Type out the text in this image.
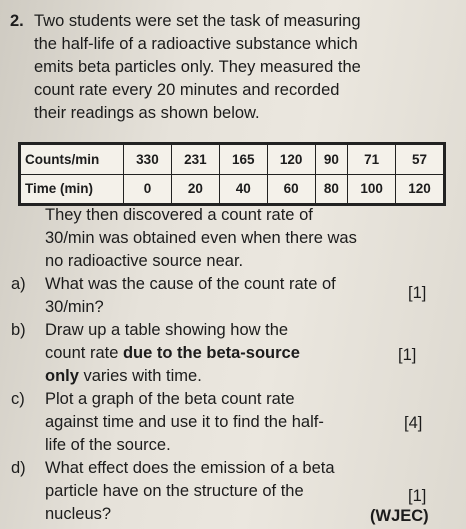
2. Two students were set the task of measuring
the half-life of a radioactive substance which
emits beta particles only. They measured the
count rate every 20 minutes and recorded
their readings as shown below.
Counts/min	330	231	165	120	90	71	57
Time (min)	0	20	40	60	80	100	120
They then discovered a count rate of
30/min was obtained even when there was
no radioactive source near.
a) What was the cause of the count rate of
30/min?
[1]
b) Draw up a table showing how the
count rate due to the beta-source
only varies with time.
[1]
c) Plot a graph of the beta count rate
against time and use it to find the half-
life of the source.
[4]
d) What effect does the emission of a beta
particle have on the structure of the
nucleus?
[1]
(WJEC)
